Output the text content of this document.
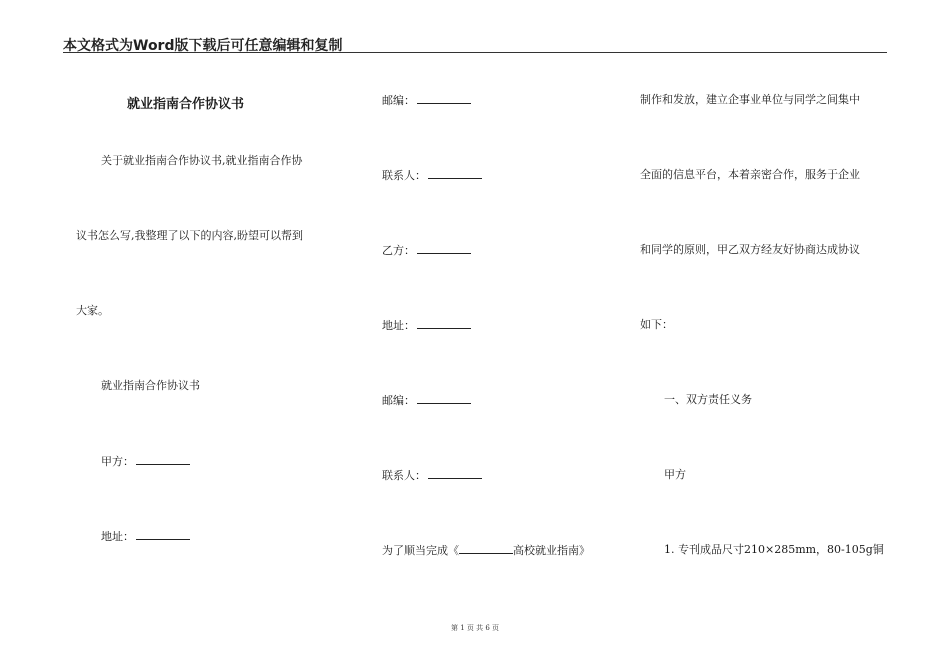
本文格式为Word版下载后可任意编辑和复制
就业指南合作协议书
关于就业指南合作协议书,就业指南合作协
议书怎么写,我整理了以下的内容,盼望可以帮到
大家。
就业指南合作协议书
甲方：
地址：
邮编：
联系人：
乙方：
地址：
邮编：
联系人：
为了顺当完成《	高校就业指南》
制作和发放，建立企事业单位与同学之间集中
全面的信息平台，本着亲密合作，服务于企业
和同学的原则，甲乙双方经友好协商达成协议
如下：
一、双方责任义务
甲方
1. 专刊成品尺寸210×285mm，80-105g铜
第 1 页 共 6 页
